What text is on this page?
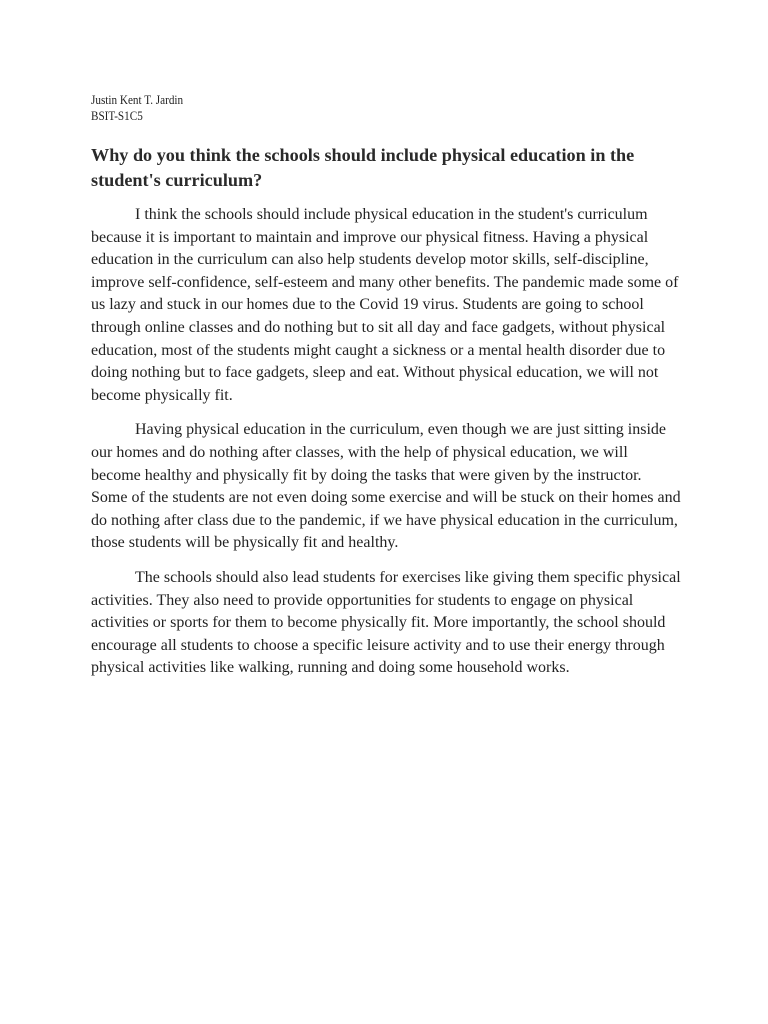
Justin Kent T. Jardin
BSIT-S1C5
Why do you think the schools should include physical education in the student's curriculum?

I think the schools should include physical education in the student's curriculum because it is important to maintain and improve our physical fitness. Having a physical education in the curriculum can also help students develop motor skills, self-discipline, improve self-confidence, self-esteem and many other benefits. The pandemic made some of us lazy and stuck in our homes due to the Covid 19 virus. Students are going to school through online classes and do nothing but to sit all day and face gadgets, without physical education, most of the students might caught a sickness or a mental health disorder due to doing nothing but to face gadgets, sleep and eat. Without physical education, we will not become physically fit.

Having physical education in the curriculum, even though we are just sitting inside our homes and do nothing after classes, with the help of physical education, we will become healthy and physically fit by doing the tasks that were given by the instructor. Some of the students are not even doing some exercise and will be stuck on their homes and do nothing after class due to the pandemic, if we have physical education in the curriculum, those students will be physically fit and healthy.

The schools should also lead students for exercises like giving them specific physical activities. They also need to provide opportunities for students to engage on physical activities or sports for them to become physically fit. More importantly, the school should encourage all students to choose a specific leisure activity and to use their energy through physical activities like walking, running and doing some household works.
